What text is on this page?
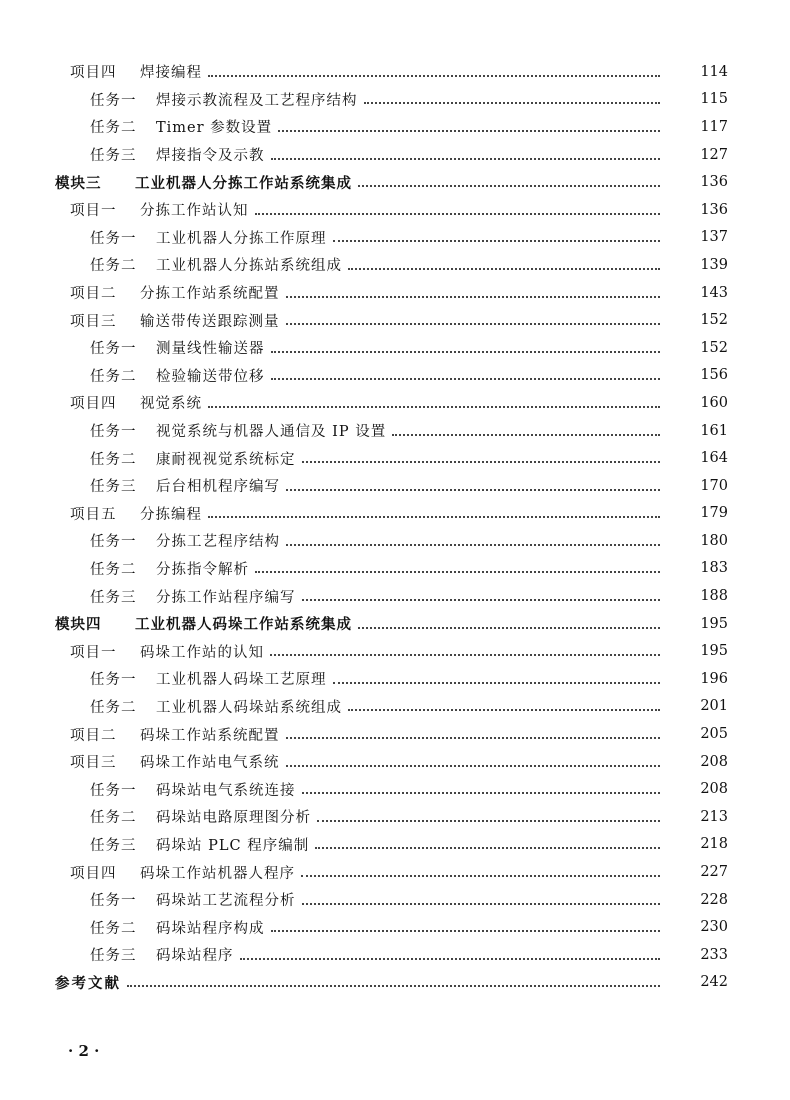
项目四	焊接编程	114
任务一	焊接示教流程及工艺程序结构	115
任务二	Timer 参数设置	117
任务三	焊接指令及示教	127
模块三	工业机器人分拣工作站系统集成	136
项目一	分拣工作站认知	136
任务一	工业机器人分拣工作原理	137
任务二	工业机器人分拣站系统组成	139
项目二	分拣工作站系统配置	143
项目三	输送带传送跟踪测量	152
任务一	测量线性输送器	152
任务二	检验输送带位移	156
项目四	视觉系统	160
任务一	视觉系统与机器人通信及 IP 设置	161
任务二	康耐视视觉系统标定	164
任务三	后台相机程序编写	170
项目五	分拣编程	179
任务一	分拣工艺程序结构	180
任务二	分拣指令解析	183
任务三	分拣工作站程序编写	188
模块四	工业机器人码垛工作站系统集成	195
项目一	码垛工作站的认知	195
任务一	工业机器人码垛工艺原理	196
任务二	工业机器人码垛站系统组成	201
项目二	码垛工作站系统配置	205
项目三	码垛工作站电气系统	208
任务一	码垛站电气系统连接	208
任务二	码垛站电路原理图分析	213
任务三	码垛站 PLC 程序编制	218
项目四	码垛工作站机器人程序	227
任务一	码垛站工艺流程分析	228
任务二	码垛站程序构成	230
任务三	码垛站程序	233
参考文献	242
· 2 ·
